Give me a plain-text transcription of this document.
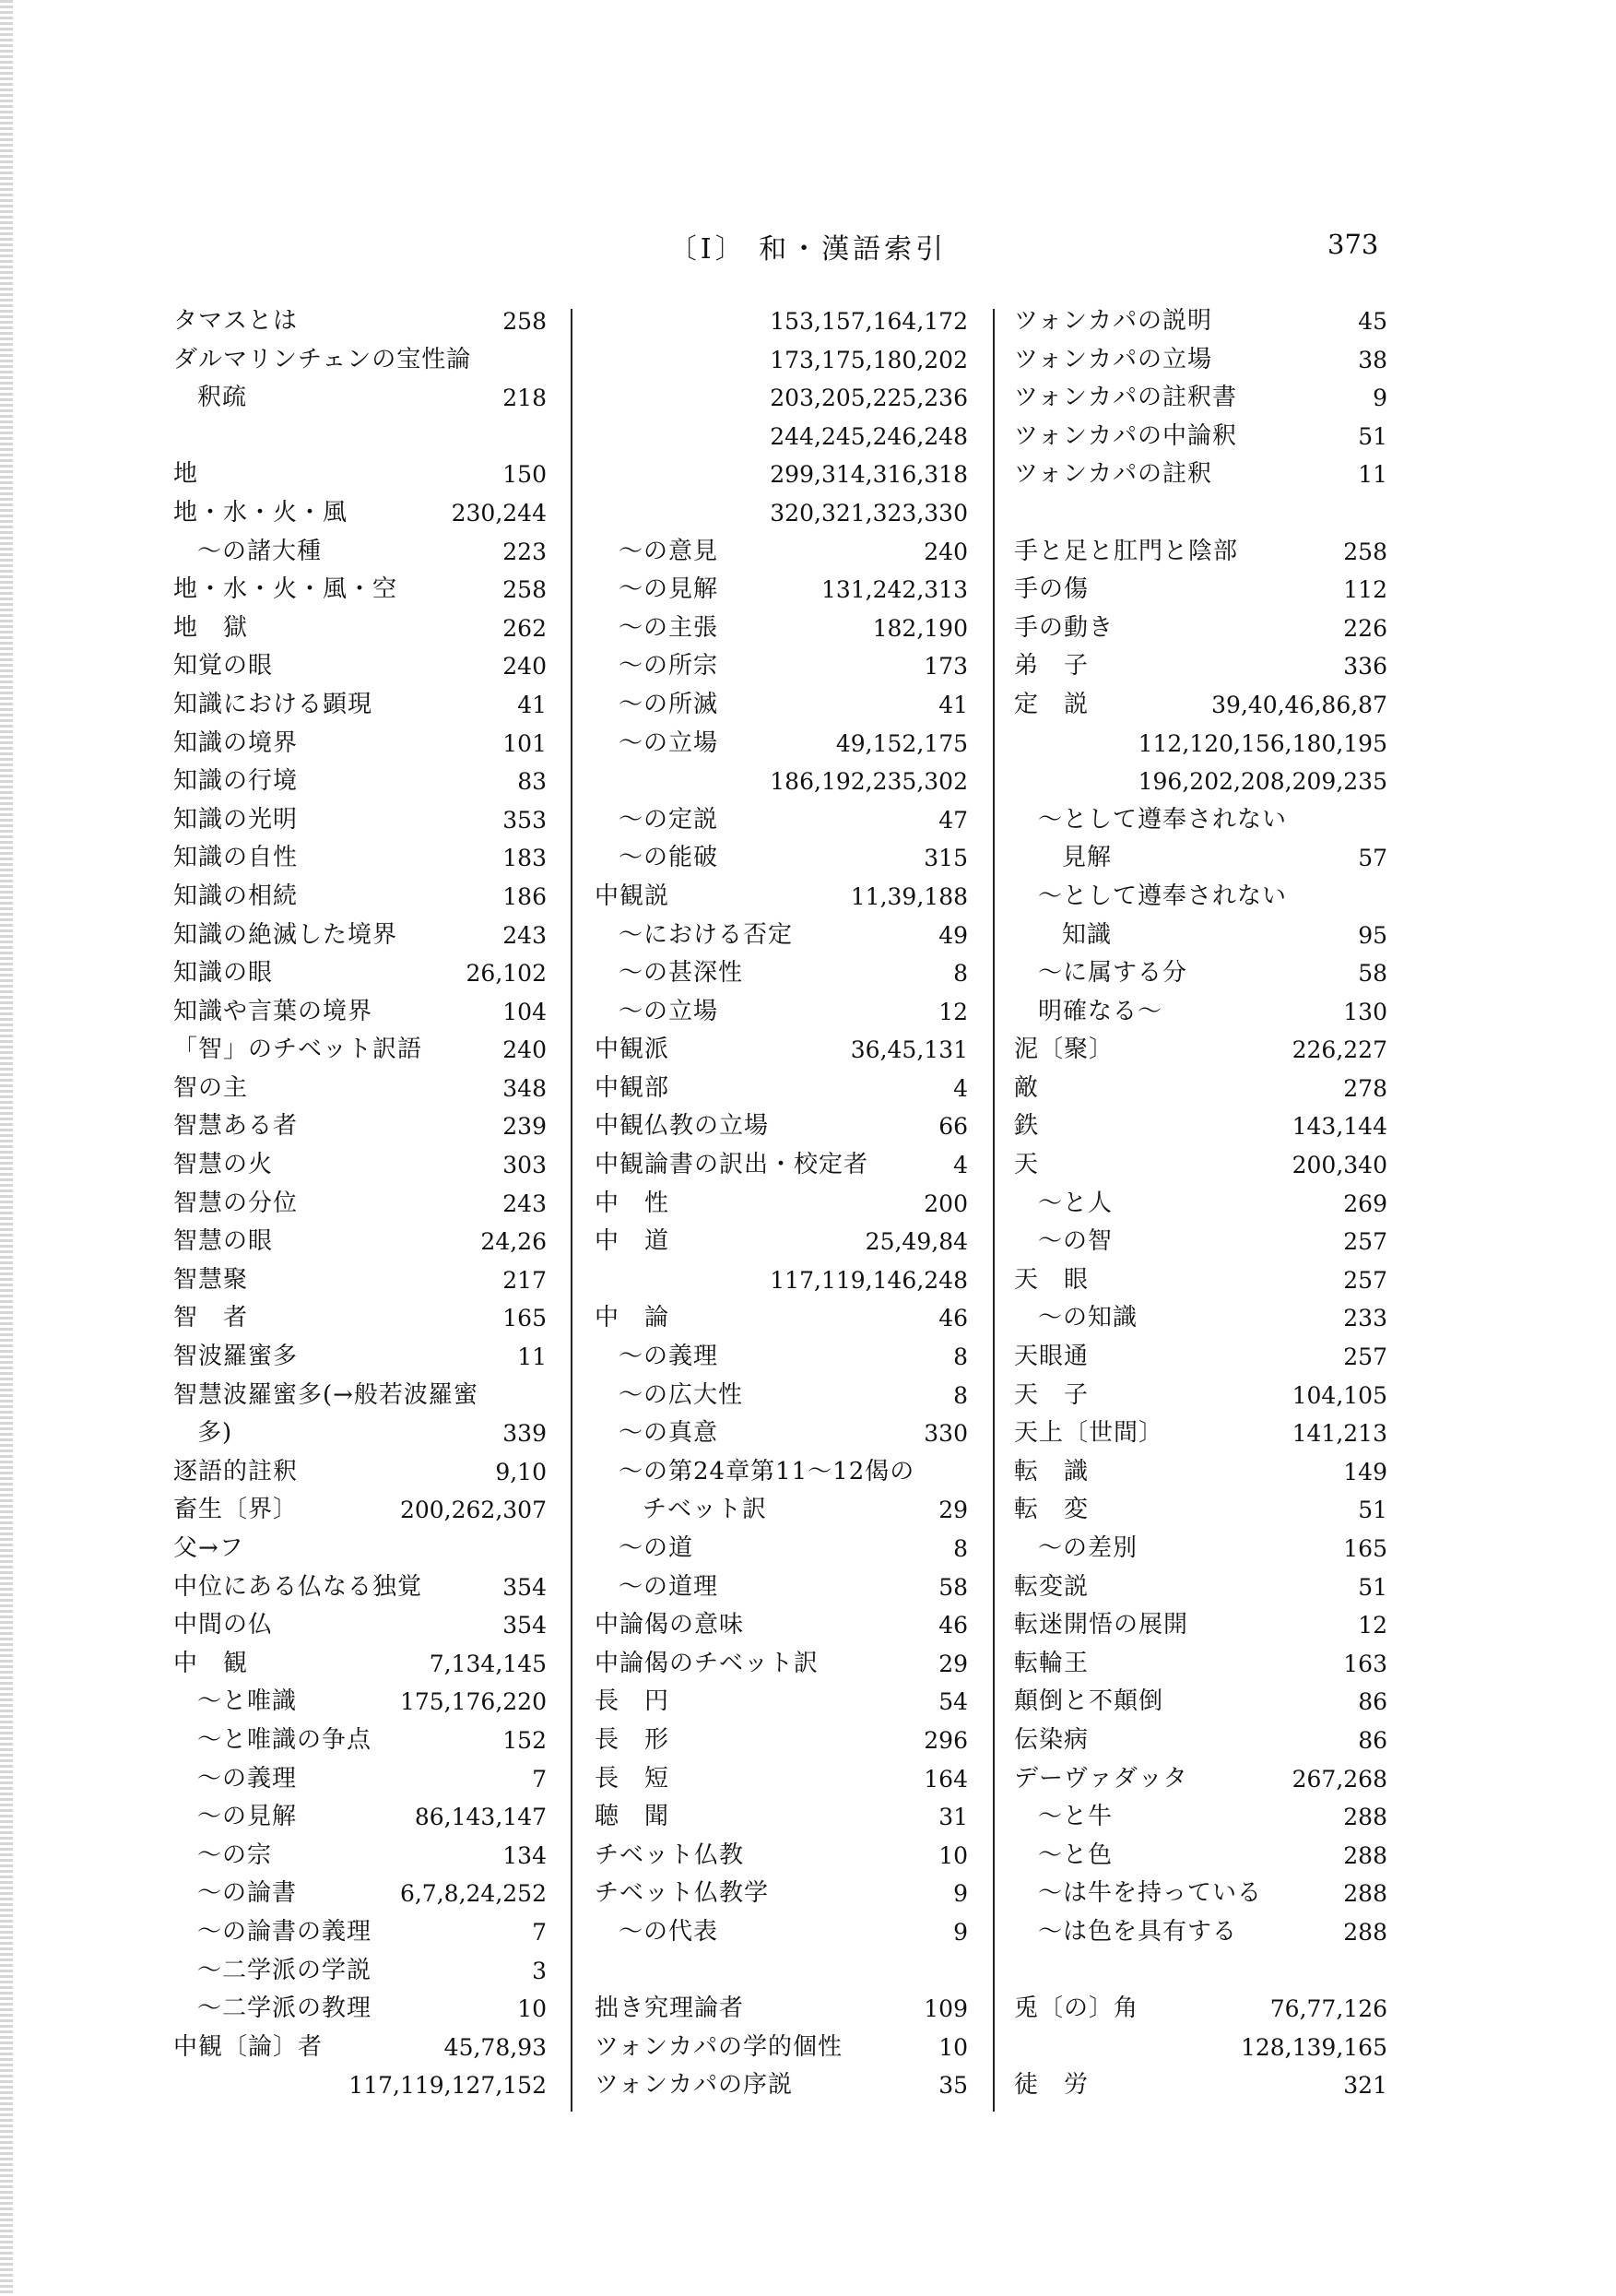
〔I〕 和・漢語索引	373
タマスとは	258
ダルマリンチェンの宝性論
釈疏	218
地	150
地・水・火・風	230,244
～の諸大種	223
地・水・火・風・空	258
地　獄	262
知覚の眼	240
知識における顕現	41
知識の境界	101
知識の行境	83
知識の光明	353
知識の自性	183
知識の相続	186
知識の絶滅した境界	243
知識の眼	26,102
知識や言葉の境界	104
「智」のチベット訳語	240
智の主	348
智慧ある者	239
智慧の火	303
智慧の分位	243
智慧の眼	24,26
智慧聚	217
智　者	165
智波羅蜜多	11
智慧波羅蜜多(→般若波羅蜜
多)	339
逐語的註釈	9,10
畜生〔界〕	200,262,307
父→フ
中位にある仏なる独覚	354
中間の仏	354
中　観	7,134,145
～と唯識	175,176,220
～と唯識の争点	152
～の義理	7
～の見解	86,143,147
～の宗	134
～の論書	6,7,8,24,252
～の論書の義理	7
～二学派の学説	3
～二学派の教理	10
中観〔論〕者	45,78,93
117,119,127,152
153,157,164,172
173,175,180,202
203,205,225,236
244,245,246,248
299,314,316,318
320,321,323,330
～の意見	240
～の見解	131,242,313
～の主張	182,190
～の所宗	173
～の所滅	41
～の立場	49,152,175
186,192,235,302
～の定説	47
～の能破	315
中観説	11,39,188
～における否定	49
～の甚深性	8
～の立場	12
中観派	36,45,131
中観部	4
中観仏教の立場	66
中観論書の訳出・校定者	4
中　性	200
中　道	25,49,84
117,119,146,248
中　論	46
～の義理	8
～の広大性	8
～の真意	330
～の第24章第11～12偈の
チベット訳	29
～の道	8
～の道理	58
中論偈の意味	46
中論偈のチベット訳	29
長　円	54
長　形	296
長　短	164
聴　聞	31
チベット仏教	10
チベット仏教学	9
～の代表	9
拙き究理論者	109
ツォンカパの学的個性	10
ツォンカパの序説	35
ツォンカパの説明	45
ツォンカパの立場	38
ツォンカパの註釈書	9
ツォンカパの中論釈	51
ツォンカパの註釈	11
手と足と肛門と陰部	258
手の傷	112
手の動き	226
弟　子	336
定　説	39,40,46,86,87
112,120,156,180,195
196,202,208,209,235
～として遵奉されない
見解	57
～として遵奉されない
知識	95
～に属する分	58
明確なる～	130
泥〔聚〕	226,227
敵	278
鉄	143,144
天	200,340
～と人	269
～の智	257
天　眼	257
～の知識	233
天眼通	257
天　子	104,105
天上〔世間〕	141,213
転　識	149
転　変	51
～の差別	165
転変説	51
転迷開悟の展開	12
転輪王	163
顛倒と不顛倒	86
伝染病	86
デーヴァダッタ	267,268
～と牛	288
～と色	288
～は牛を持っている	288
～は色を具有する	288
兎〔の〕角	76,77,126
128,139,165
徒　労	321
